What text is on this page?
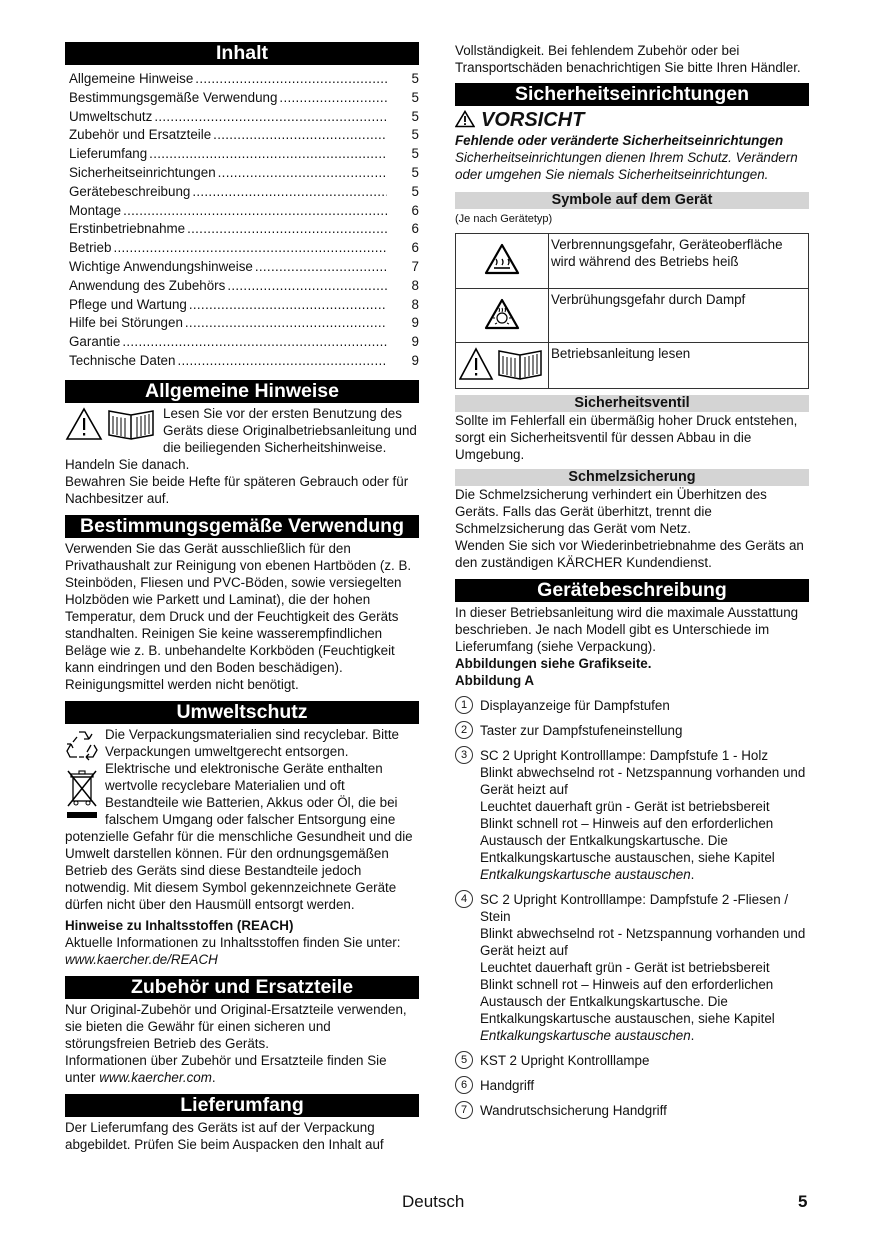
Inhalt
Allgemeine Hinweise .....	5
Bestimmungsgemäße Verwendung .....	5
Umweltschutz .....	5
Zubehör und Ersatzteile .....	5
Lieferumfang .....	5
Sicherheitseinrichtungen .....	5
Gerätebeschreibung .....	5
Montage .....	6
Erstinbetriebnahme .....	6
Betrieb .....	6
Wichtige Anwendungshinweise .....	7
Anwendung des Zubehörs .....	8
Pflege und Wartung .....	8
Hilfe bei Störungen .....	9
Garantie .....	9
Technische Daten .....	9
Allgemeine Hinweise

Lesen Sie vor der ersten Benutzung des Geräts diese Originalbetriebsanleitung und die beiliegenden Sicherheitshinweise. Handeln Sie danach.

Bewahren Sie beide Hefte für späteren Gebrauch oder für Nachbesitzer auf.

Bestimmungsgemäße Verwendung

Verwenden Sie das Gerät ausschließlich für den Privathaushalt zur Reinigung von ebenen Hartböden (z. B. Steinböden, Fliesen und PVC-Böden, sowie versiegelten Holzböden wie Parkett und Laminat), die der hohen Temperatur, dem Druck und der Feuchtigkeit des Geräts standhalten. Reinigen Sie keine wasserempfindlichen Beläge wie z. B. unbehandelte Korkböden (Feuchtigkeit kann eindringen und den Boden beschädigen).

Reinigungsmittel werden nicht benötigt.

Umweltschutz

Die Verpackungsmaterialien sind recyclebar. Bitte Verpackungen umweltgerecht entsorgen.

Elektrische und elektronische Geräte enthalten wertvolle recyclebare Materialien und oft Bestandteile wie Batterien, Akkus oder Öl, die bei falschem Umgang oder falscher Entsorgung eine potenzielle Gefahr für die menschliche Gesundheit und die Umwelt darstellen können. Für den ordnungsgemäßen Betrieb des Geräts sind diese Bestandteile jedoch notwendig. Mit diesem Symbol gekennzeichnete Geräte dürfen nicht über den Hausmüll entsorgt werden.

Hinweise zu Inhaltsstoffen (REACH)

Aktuelle Informationen zu Inhaltsstoffen finden Sie unter: www.kaercher.de/REACH

Zubehör und Ersatzteile

Nur Original-Zubehör und Original-Ersatzteile verwenden, sie bieten die Gewähr für einen sicheren und störungsfreien Betrieb des Geräts.

Informationen über Zubehör und Ersatzteile finden Sie unter www.kaercher.com.

Lieferumfang

Der Lieferumfang des Geräts ist auf der Verpackung abgebildet. Prüfen Sie beim Auspacken den Inhalt auf

Vollständigkeit. Bei fehlendem Zubehör oder bei Transportschäden benachrichtigen Sie bitte Ihren Händler.

Sicherheitseinrichtungen
VORSICHT

Fehlende oder veränderte Sicherheitseinrichtungen

Sicherheitseinrichtungen dienen Ihrem Schutz. Verändern oder umgehen Sie niemals Sicherheitseinrichtungen.

Symbole auf dem Gerät

(Je nach Gerätetyp)

	Verbrennungsgefahr, Geräteoberfläche wird während des Betriebs heiß
	Verbrühungsgefahr durch Dampf
	Betriebsanleitung lesen
Sicherheitsventil

Sollte im Fehlerfall ein übermäßig hoher Druck entstehen, sorgt ein Sicherheitsventil für dessen Abbau in die Umgebung.

Schmelzsicherung

Die Schmelzsicherung verhindert ein Überhitzen des Geräts. Falls das Gerät überhitzt, trennt die Schmelzsicherung das Gerät vom Netz.

Wenden Sie sich vor Wiederinbetriebnahme des Geräts an den zuständigen KÄRCHER Kundendienst.

Gerätebeschreibung

In dieser Betriebsanleitung wird die maximale Ausstattung beschrieben. Je nach Modell gibt es Unterschiede im Lieferumfang (siehe Verpackung).

Abbildungen siehe Grafikseite.

Abbildung A

1 Displayanzeige für Dampfstufen
2 Taster zur Dampfstufeneinstellung
3 SC 2 Upright Kontrolllampe: Dampfstufe 1 - Holz
Blinkt abwechselnd rot - Netzspannung vorhanden und Gerät heizt auf
Leuchtet dauerhaft grün - Gerät ist betriebsbereit
Blinkt schnell rot – Hinweis auf den erforderlichen Austausch der Entkalkungskartusche. Die Entkalkungskartusche austauschen, siehe Kapitel Entkalkungskartusche austauschen.
4 SC 2 Upright Kontrolllampe: Dampfstufe 2 -Fliesen / Stein
Blinkt abwechselnd rot - Netzspannung vorhanden und Gerät heizt auf
Leuchtet dauerhaft grün - Gerät ist betriebsbereit
Blinkt schnell rot – Hinweis auf den erforderlichen Austausch der Entkalkungskartusche. Die Entkalkungskartusche austauschen, siehe Kapitel Entkalkungskartusche austauschen.
5 KST 2 Upright Kontrolllampe
6 Handgriff
7 Wandrutschsicherung Handgriff
Deutsch	5
